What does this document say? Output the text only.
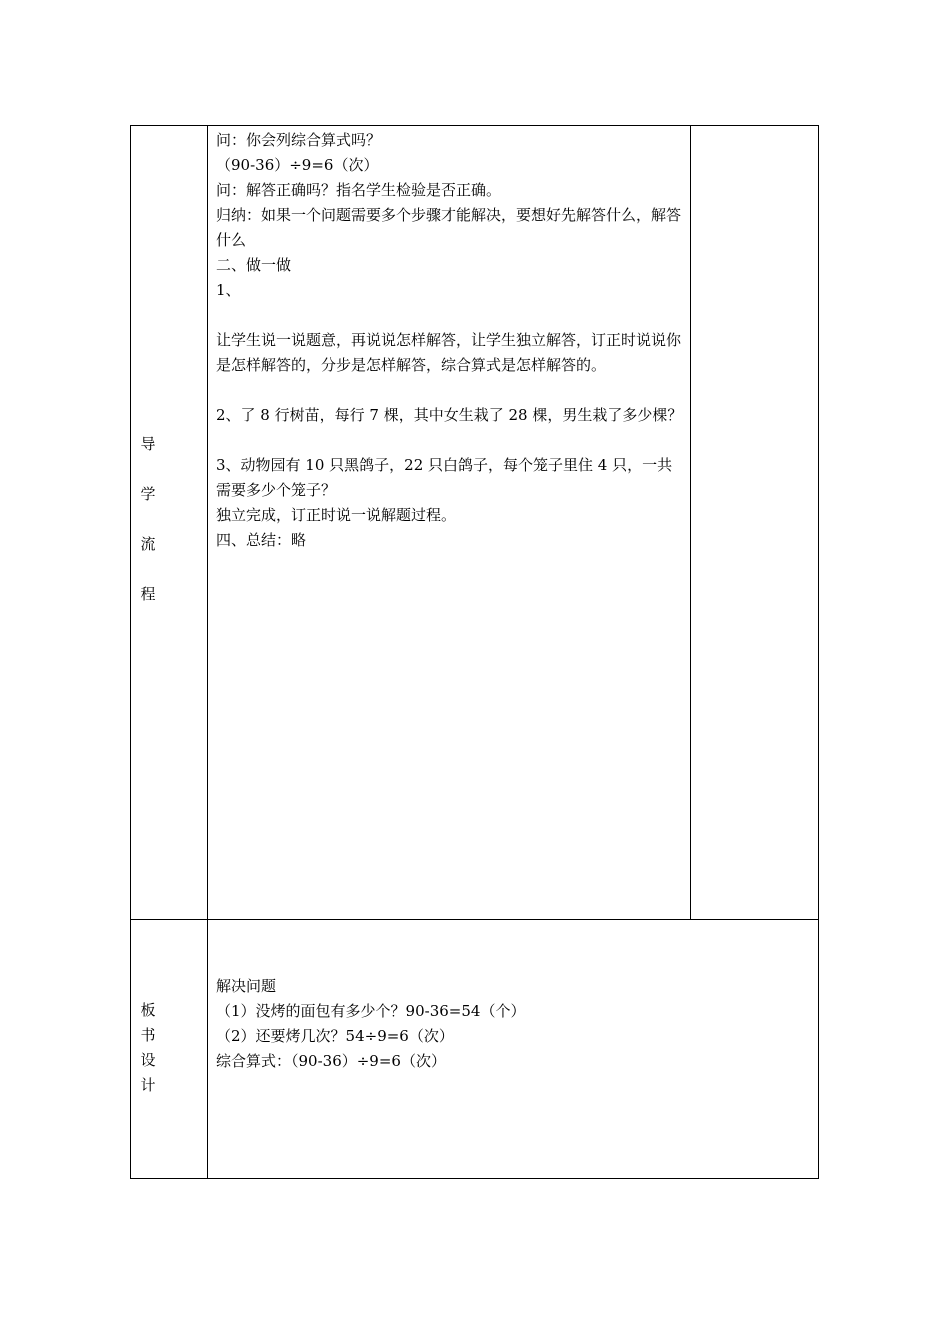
导
学
流
程

问：你会列综合算式吗？

（90-36）÷9=6（次）

问：解答正确吗？指名学生检验是否正确。

归纳：如果一个问题需要多个步骤才能解决，要想好先解答什么，解答什么

二、做一做

1、

让学生说一说题意，再说说怎样解答，让学生独立解答，订正时说说你是怎样解答的，分步是怎样解答，综合算式是怎样解答的。

2、了 8 行树苗，每行 7 棵，其中女生栽了 28 棵，男生栽了多少棵？

3、动物园有 10 只黑鸽子，22 只白鸽子，每个笼子里住 4 只，一共需要多少个笼子？

独立完成，订正时说一说解题过程。

四、总结：略

板
书
设
计

解决问题

（1）没烤的面包有多少个？90-36=54（个）

（2）还要烤几次？54÷9=6（次）

综合算式：（90-36）÷9=6（次）
